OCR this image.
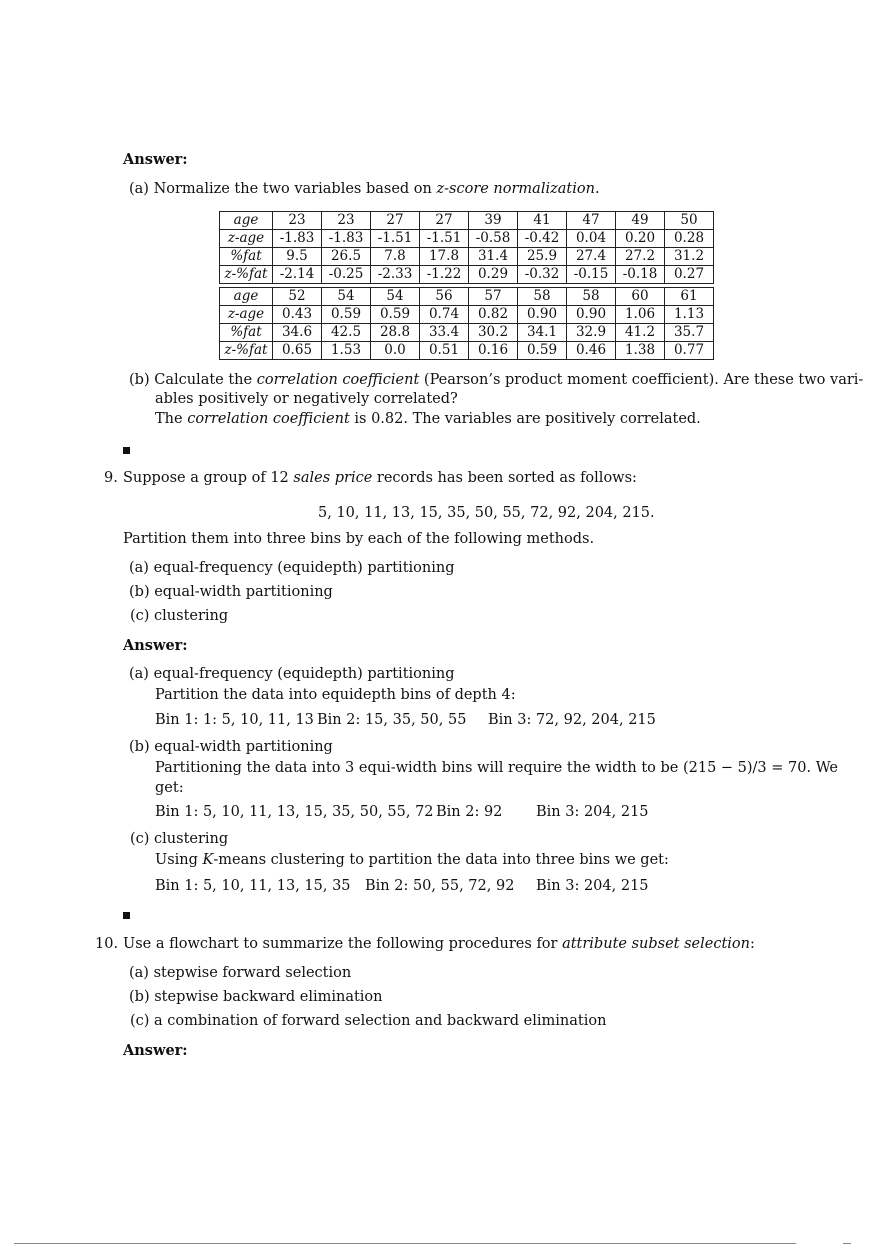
Answer:
(a) Normalize the two variables based on z-score normalization.
age	23	23	27	27	39	41	47	49	50
z-age	-1.83	-1.83	-1.51	-1.51	-0.58	-0.42	0.04	0.20	0.28
%fat	9.5	26.5	7.8	17.8	31.4	25.9	27.4	27.2	31.2
z-%fat	-2.14	-0.25	-2.33	-1.22	0.29	-0.32	-0.15	-0.18	0.27
age	52	54	54	56	57	58	58	60	61
z-age	0.43	0.59	0.59	0.74	0.82	0.90	0.90	1.06	1.13
%fat	34.6	42.5	28.8	33.4	30.2	34.1	32.9	41.2	35.7
z-%fat	0.65	1.53	0.0	0.51	0.16	0.59	0.46	1.38	0.77
(b) Calculate the correlation coefficient (Pearson’s product moment coefficient). Are these two vari-
ables positively or negatively correlated?
The correlation coefficient is 0.82. The variables are positively correlated.
9. Suppose a group of 12 sales price records has been sorted as follows:
5, 10, 11, 13, 15, 35, 50, 55, 72, 92, 204, 215.
Partition them into three bins by each of the following methods.
(a) equal-frequency (equidepth) partitioning
(b) equal-width partitioning
(c) clustering
Answer:
(a) equal-frequency (equidepth) partitioning
Partition the data into equidepth bins of depth 4:
Bin 1: 1: 5, 10, 11, 13 Bin 2: 15, 35, 50, 55 Bin 3: 72, 92, 204, 215
(b) equal-width partitioning
Partitioning the data into 3 equi-width bins will require the width to be (215 − 5)/3 = 70. We
get:
Bin 1: 5, 10, 11, 13, 15, 35, 50, 55, 72 Bin 2: 92 Bin 3: 204, 215
(c) clustering
Using K-means clustering to partition the data into three bins we get:
Bin 1: 5, 10, 11, 13, 15, 35 Bin 2: 50, 55, 72, 92 Bin 3: 204, 215
10. Use a flowchart to summarize the following procedures for attribute subset selection:
(a) stepwise forward selection
(b) stepwise backward elimination
(c) a combination of forward selection and backward elimination
Answer:
